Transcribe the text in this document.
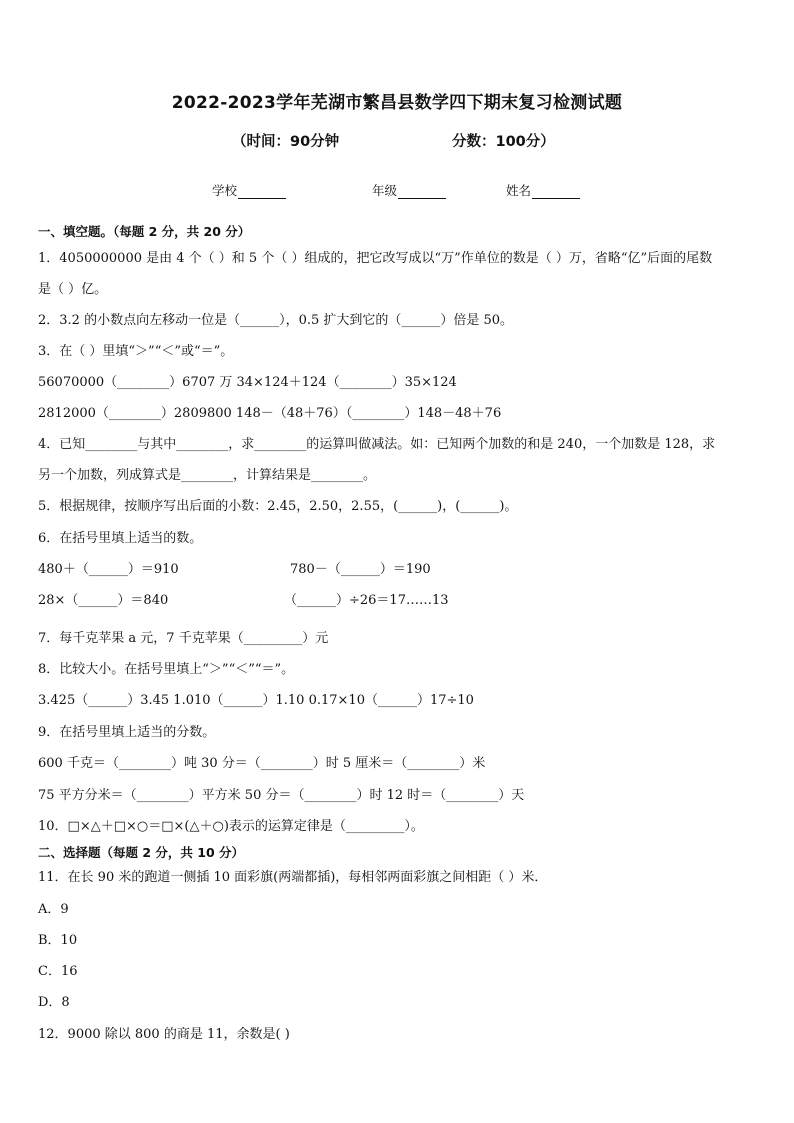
2022-2023学年芜湖市繁昌县数学四下期末复习检测试题
（时间：90分钟	分数：100分）
学校	年级	姓名
一、填空题。（每题 2 分，共 20 分）
1．4050000000 是由 4 个（ ）和 5 个（ ）组成的，把它改写成以“万”作单位的数是（ ）万，省略“亿”后面的尾数
是（ ）亿。
2．3.2 的小数点向左移动一位是（______），0.5 扩大到它的（______）倍是 50。
3．在（ ）里填“＞”“＜”或“＝”。
56070000（________）6707 万 34×124＋124（________）35×124
2812000（________）2809800 148－（48＋76）（________）148－48＋76
4．已知________与其中________，求________的运算叫做减法。如：已知两个加数的和是 240，一个加数是 128，求
另一个加数，列成算式是________，计算结果是________。
5．根据规律，按顺序写出后面的小数：2.45，2.50，2.55，(______)，(______)。
6．在括号里填上适当的数。
480＋（______）＝910	780－（______）＝190
28×（______）＝840	（______）÷26＝17……13
7．每千克苹果 a 元，7 千克苹果（_________）元
8．比较大小。在括号里填上“＞”“＜”“＝”。
3.425（______）3.45 1.010（______）1.10 0.17×10（______）17÷10
9．在括号里填上适当的分数。
600 千克＝（________）吨 30 分＝（________）时 5 厘米＝（________）米
75 平方分米＝（________）平方米 50 分＝（________）时 12 时＝（________）天
10．□×△＋□×○＝□×(△＋○)表示的运算定律是（_________）。
二、选择题（每题 2 分，共 10 分）
11．在长 90 米的跑道一侧插 10 面彩旗(两端都插)，每相邻两面彩旗之间相距（ ）米．
A．9
B．10
C．16
D．8
12．9000 除以 800 的商是 11，余数是( )
